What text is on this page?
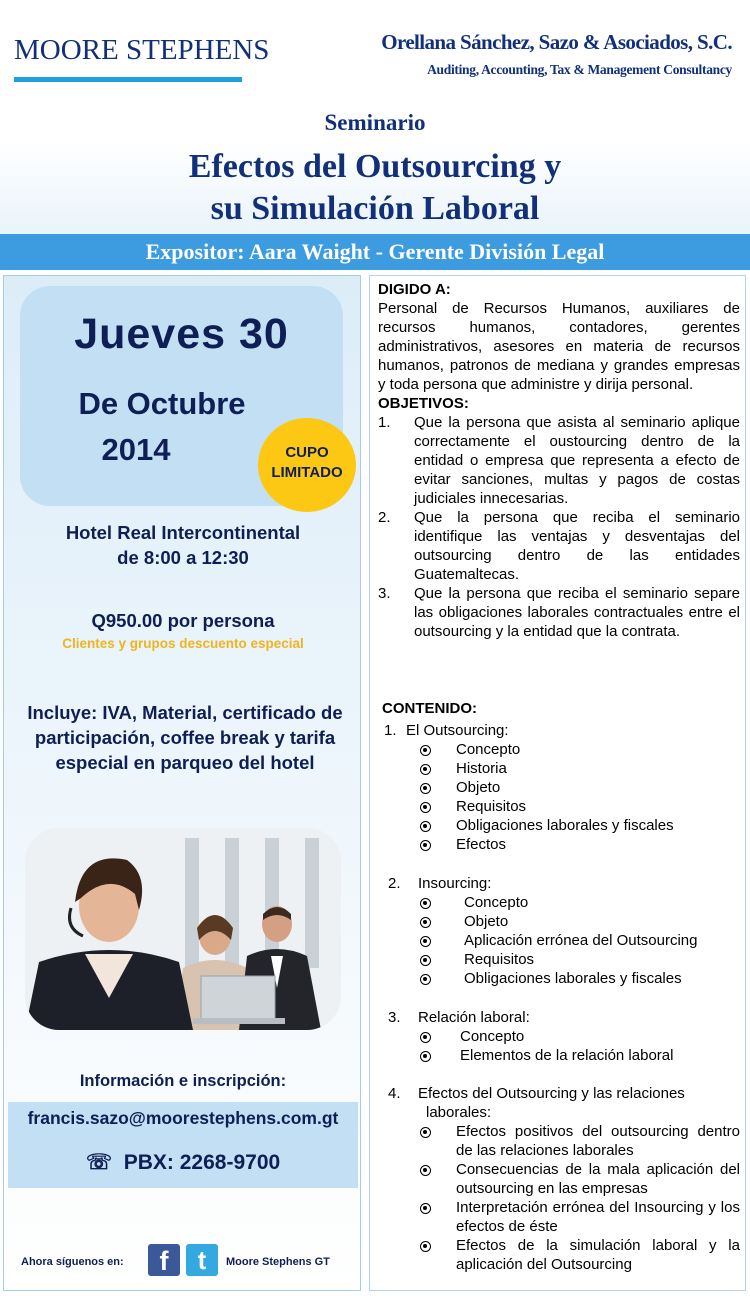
MOORE STEPHENS	Orellana Sánchez, Sazo & Asociados, S.C.
Auditing, Accounting, Tax & Management Consultancy
Seminario
Efectos del Outsourcing y
su Simulación Laboral
Expositor: Aara Waight - Gerente División Legal
Jueves 30
De Octubre
2014	CUPO
LIMITADO
Hotel Real Intercontinental
de 8:00 a 12:30
Q950.00 por persona
Clientes y grupos descuento especial
Incluye: IVA, Material, certificado de participación, coffee break y tarifa especial en parqueo del hotel
Información e inscripción:
francis.sazo@moorestephens.com.gt
☏  PBX: 2268-9700
Ahora síguenos en:	f	t	Moore Stephens GT
DIGIDO A:
Personal de Recursos Humanos, auxiliares de recursos humanos, contadores, gerentes administrativos, asesores en materia de recursos humanos, patronos de mediana y grandes empresas y toda persona que administre y dirija personal.
OBJETIVOS:
1. Que la persona que asista al seminario aplique correctamente el oustourcing dentro de la entidad o empresa que representa a efecto de evitar sanciones, multas y pagos de costas judiciales innecesarias.
2. Que la persona que reciba el seminario identifique las ventajas y desventajas del outsourcing dentro de las entidades Guatemaltecas.
3. Que la persona que reciba el seminario separe las obligaciones laborales contractuales entre el outsourcing y la entidad que la contrata.
CONTENIDO:
1. El Outsourcing:
Concepto
Historia
Objeto
Requisitos
Obligaciones laborales y fiscales
Efectos
2. Insourcing:
Concepto
Objeto
Aplicación errónea del Outsourcing
Requisitos
Obligaciones laborales y fiscales
3. Relación laboral:
Concepto
Elementos de la relación laboral
4. Efectos del Outsourcing y las relaciones
laborales:
Efectos positivos del outsourcing dentro de las relaciones laborales
Consecuencias de la mala aplicación del outsourcing en las empresas
Interpretación errónea del Insourcing y los efectos de éste
Efectos de la simulación laboral y la aplicación del Outsourcing
